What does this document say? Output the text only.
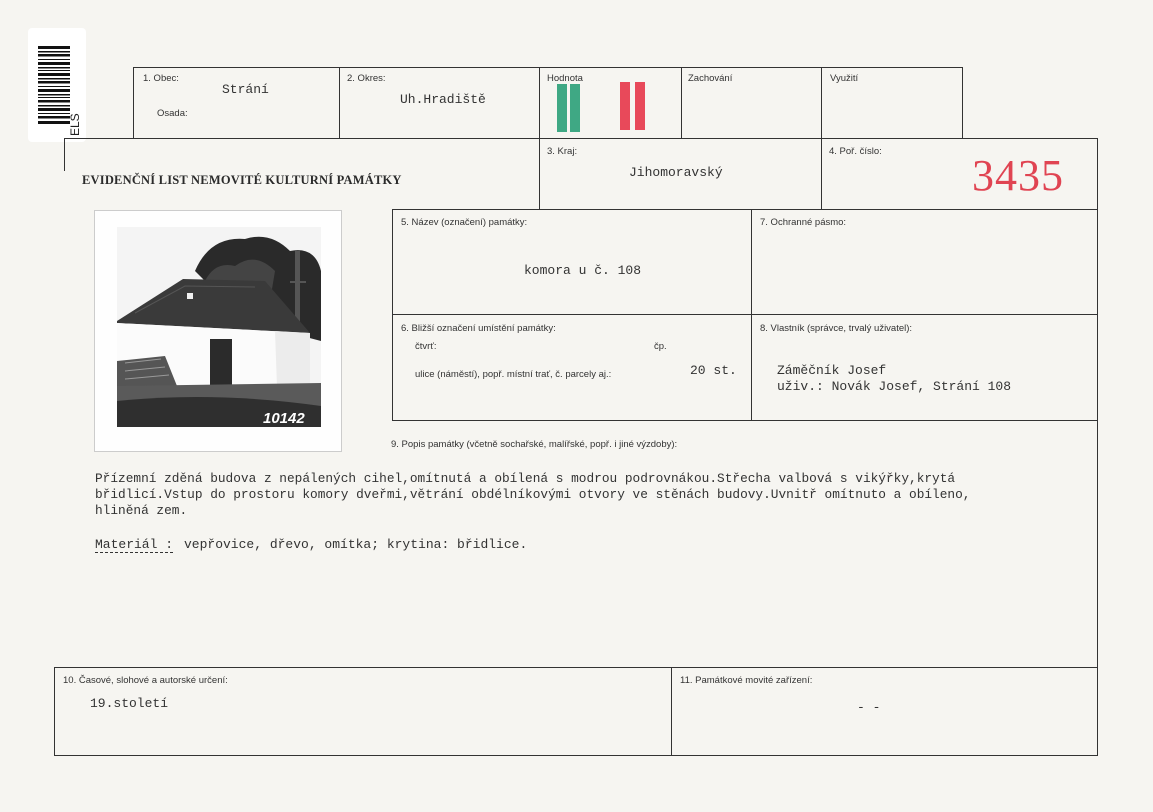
ELS
1. Obec:
Strání
Osada:
2. Okres:
Uh.Hradiště
Hodnota	Zachování	Využití
EVIDENČNÍ LIST NEMOVITÉ KULTURNÍ PAMÁTKY
3. Kraj:
Jihomoravský
4. Poř. číslo: 3435
10142
5. Název (označení) památky:
komora u č. 108
7. Ochranné pásmo:
6. Bližší označení umístění památky:
čtvrť:	čp.
ulice (náměstí), popř. místní trať, č. parcely aj.:	20 st.
8. Vlastník (správce, trvalý uživatel):
Záměčník Josef
uživ.: Novák Josef, Strání 108
9. Popis památky (včetně sochařské, malířské, popř. i jiné výzdoby):
Přízemní zděná budova z nepálených cihel,omítnutá a obílená s modrou podrovnákou.Střecha valbová s vikýřky,krytá
břidlicí.Vstup do prostoru komory dveřmi,větrání obdélníkovými otvory ve stěnách budovy.Uvnitř omítnuto a obíleno,
hliněná zem.
Materiál : vepřovice, dřevo, omítka; krytina: břidlice.
10. Časové, slohové a autorské určení:
19.století
11. Památkové movité zařízení:
- -
